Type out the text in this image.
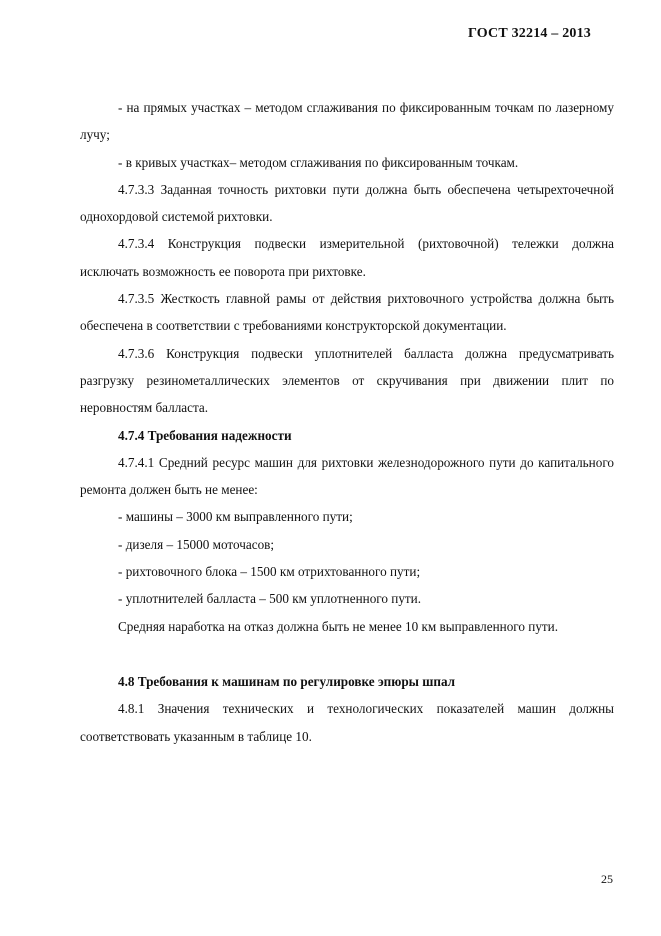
ГОСТ 32214 – 2013

- на прямых участках – методом сглаживания по фиксированным точкам по лазерному лучу;

- в кривых участках– методом сглаживания по фиксированным точкам.

4.7.3.3 Заданная точность рихтовки пути должна быть обеспечена четырехточечной однохордовой системой рихтовки.

4.7.3.4 Конструкция подвески измерительной (рихтовочной) тележки должна исключать возможность ее поворота при рихтовке.

4.7.3.5 Жесткость главной рамы от действия рихтовочного устройства должна быть обеспечена в соответствии с требованиями конструкторской документации.

4.7.3.6 Конструкция подвески уплотнителей балласта должна предусматривать разгрузку резинометаллических элементов от скручивания при движении плит по неровностям балласта.

4.7.4 Требования надежности

4.7.4.1 Средний ресурс машин для рихтовки железнодорожного пути до капитального ремонта должен быть не менее:

- машины – 3000 км выправленного пути;

- дизеля – 15000 моточасов;

- рихтовочного блока – 1500 км отрихтованного пути;

- уплотнителей балласта – 500 км уплотненного пути.

Средняя наработка на отказ должна быть не менее 10 км выправленного пути.

4.8 Требования к машинам по регулировке эпюры шпал

4.8.1 Значения технических и технологических показателей машин должны соответствовать указанным в таблице 10.

25
